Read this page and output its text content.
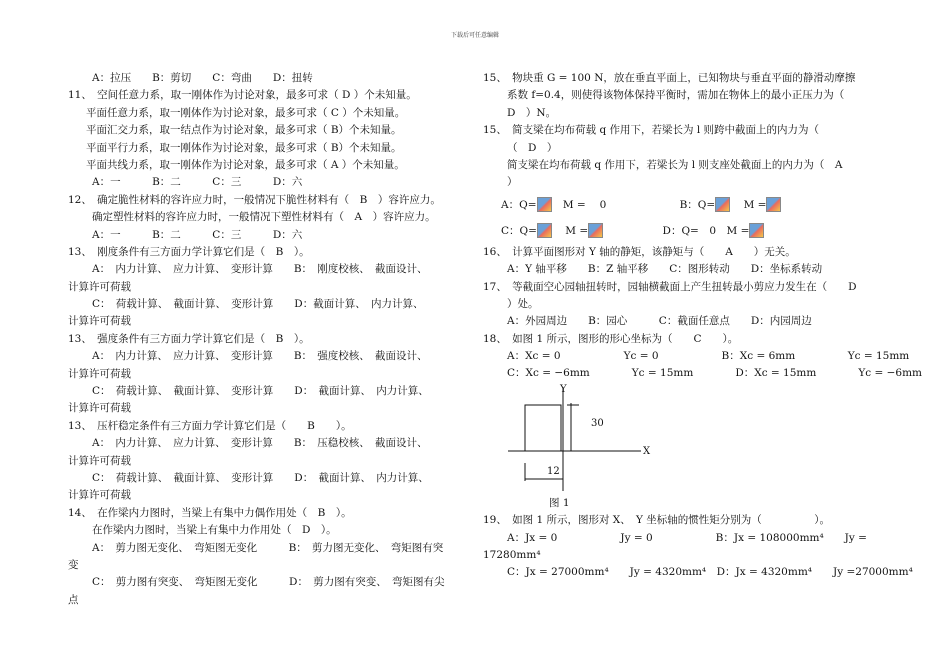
下载后可任意编辑
A：拉压　　B：剪切　　C：弯曲　　D：扭转
11、　空间任意力系，取一刚体作为讨论对象，最多可求（ D ）个未知量。
平面任意力系，取一刚体作为讨论对象，最多可求（ C ）个未知量。
平面汇交力系，取一结点作为讨论对象，最多可求（ B）个未知量。
平面平行力系，取一刚体作为讨论对象，最多可求（ B）个未知量。
平面共线力系，取一刚体作为讨论对象，最多可求（ A ）个未知量。
A：一　　　B：二　　　C：三　　　D：六
12、　确定脆性材料的容许应力时，一般情况下脆性材料有（　B　）容许应力。
确定塑性材料的容许应力时，一般情况下塑性材料有（　A　）容许应力。
A：一　　　B：二　　　C：三　　　D：六
13、　刚度条件有三方面力学计算它们是（　B　）。
A：　内力计算、　应力计算、　变形计算　　B：　刚度校核、　截面设计、
计算许可荷载
C：　荷载计算、　截面计算、　变形计算　　D：截面计算、　内力计算、
计算许可荷载
13、　强度条件有三方面力学计算它们是（　B　）。
A：　内力计算、　应力计算、　变形计算　　B：　强度校核、　截面设计、
计算许可荷载
C：　荷载计算、　截面计算、　变形计算　　D：　截面计算、　内力计算、
计算许可荷载
13、　压杆稳定条件有三方面力学计算它们是（　　B　　）。
A：　内力计算、　应力计算、　变形计算　　B：　压稳校核、　截面设计、
计算许可荷载
C：　荷载计算、　截面计算、　变形计算　　D：　截面计算、　内力计算、
计算许可荷载
14、　在作梁内力图时，当梁上有集中力偶作用处（　B　）。
在作梁内力图时，当梁上有集中力作用处（　D　）。
A：　剪力图无变化、　弯矩图无变化　　　B：　剪力图无变化、　弯矩图有突
变
C：　剪力图有突变、　弯矩图无变化　　　D：　剪力图有突变、　弯矩图有尖
点
15、　物块重 G = 100 N，放在垂直平面上，已知物块与垂直平面的静滑动摩擦
系数 f=0.4，则使得该物体保持平衡时，需加在物体上的最小正压力为（
D　）N。
15、　简支梁在均布荷载 q 作用下，若梁长为 l 则跨中截面上的内力为（
（　D　）
简支梁在均布荷载 q 作用下，若梁长为 l 则支座处截面上的内力为（　A
）
A：Q=	M = 　0	B：Q=	M =
C：Q=	M =	D：Q=　0　M =
16、　计算平面图形对 Y 轴的静矩，该静矩与（　　A　　）无关。
A：Y 轴平移　　B：Z 轴平移　　C：图形转动　　D：坐标系转动
17、　等截面空心园轴扭转时，园轴横截面上产生扭转最小剪应力发生在（　　D
）处。
A：外园周边　　B：园心　　　C：截面任意点　　D：内园周边
18、　如图 1 所示，图形的形心坐标为（　　C　　）。
A：Xc = 0　　　　　　Yc = 0　　　　　　B：Xc = 6mm　　　　　Yc = 15mm
C：Xc = −6mm　　　　Yc = 15mm　　　　D：Xc = 15mm　　　　Yc = −6mm
Y
X
30
12
图 1
19、　如图 1 所示，图形对 X、　Y 坐标轴的惯性矩分别为（　　　　　）。
A：Jx = 0　　　　　　Jy = 0　　　　　　B：Jx = 108000mm⁴　　Jy =
17280mm⁴
C：Jx = 27000mm⁴　　Jy = 4320mm⁴　D：Jx = 4320mm⁴　　Jy =27000mm⁴
